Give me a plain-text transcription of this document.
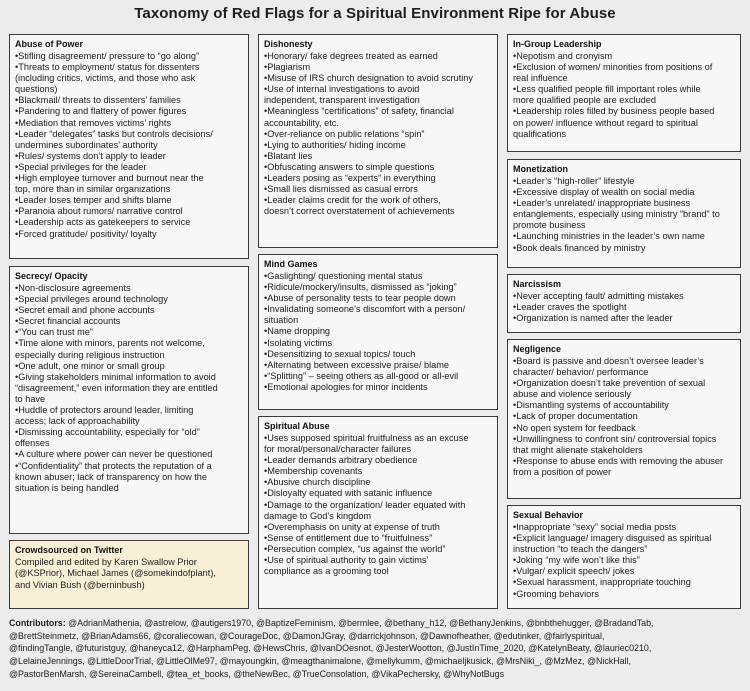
Taxonomy of Red Flags for a Spiritual Environment Ripe for Abuse
Abuse of Power
•Stifling disagreement/ pressure to “go along”
•Threats to employment/ status for dissenters
(including critics, victims, and those who ask
questions)
•Blackmail/ threats to dissenters’ families
•Pandering to and flattery of power figures
•Mediation that removes victims’ rights
•Leader “delegates” tasks but controls decisions/
undermines subordinates’ authority
•Rules/ systems don’t apply to leader
•Special privileges for the leader
•High employee turnover and burnout near the
top, more than in similar organizations
•Leader loses temper and shifts blame
•Paranoia about rumors/ narrative control
•Leadership acts as gatekeepers to service
•Forced gratitude/ positivity/ loyalty
Secrecy/ Opacity
•Non-disclosure agreements
•Special privileges around technology
•Secret email and phone accounts
•Secret financial accounts
•“You can trust me”
•Time alone with minors, parents not welcome,
especially during religious instruction
•One adult, one minor or small group
•Giving stakeholders minimal information to avoid
“disagreement,” even information they are entitled
to have
•Huddle of protectors around leader, limiting
access; lack of approachability
•Dismissing accountability, especially for “old”
offenses
•A culture where power can never be questioned
•“Confidentiality” that protects the reputation of a
known abuser; lack of transparency on how the
situation is being handled
Crowdsourced on Twitter

Compiled and edited by Karen Swallow Prior
(@KSPrior), Michael James (@somekindofplant),
and Vivian Bush (@berninbush)

Dishonesty
•Honorary/ fake degrees treated as earned
•Plagiarism
•Misuse of IRS church designation to avoid scrutiny
•Use of internal investigations to avoid
independent, transparent investigation
•Meaningless “certifications” of safety, financial
accountability, etc.
•Over-reliance on public relations “spin”
•Lying to authorities/ hiding income
•Blatant lies
•Obfuscating answers to simple questions
•Leaders posing as “experts” in everything
•Small lies dismissed as casual errors
•Leader claims credit for the work of others,
doesn’t correct overstatement of achievements
Mind Games
•Gaslighting/ questioning mental status
•Ridicule/mockery/insults, dismissed as “joking”
•Abuse of personality tests to tear people down
•Invalidating someone’s discomfort with a person/
situation
•Name dropping
•Isolating victims
•Desensitizing to sexual topics/ touch
•Alternating between excessive praise/ blame
•“Splitting” – seeing others as all-good or all-evil
•Emotional apologies for minor incidents
Spiritual Abuse
•Uses supposed spiritual fruitfulness as an excuse
for moral/personal/character failures
•Leader demands arbitrary obedience
•Membership covenants
•Abusive church discipline
•Disloyalty equated with satanic influence
•Damage to the organization/ leader equated with
damage to God’s kingdom
•Overemphasis on unity at expense of truth
•Sense of entitlement due to “fruitfulness”
•Persecution complex, “us against the world”
•Use of spiritual authority to gain victims’
compliance as a grooming tool
In-Group Leadership
•Nepotism and cronyism
•Exclusion of women/ minorities from positions of
real influence
•Less qualified people fill important roles while
more qualified people are excluded
•Leadership roles filled by business people based
on power/ influence without regard to spiritual
qualifications
Monetization
•Leader’s “high-roller” lifestyle
•Excessive display of wealth on social media
•Leader’s unrelated/ inappropriate business
entanglements, especially using ministry “brand” to
promote business
•Launching ministries in the leader’s own name
•Book deals financed by ministry
Narcissism
•Never accepting fault/ admitting mistakes
•Leader craves the spotlight
•Organization is named after the leader
Negligence
•Board is passive and doesn’t oversee leader’s
character/ behavior/ performance
•Organization doesn’t take prevention of sexual
abuse and violence seriously
•Dismantling systems of accountability
•Lack of proper documentation
•No open system for feedback
•Unwillingness to confront sin/ controversial topics
that might alienate stakeholders
•Response to abuse ends with removing the abuser
from a position of power
Sexual Behavior
•Inappropriate “sexy” social media posts
•Explicit language/ imagery disguised as spiritual
instruction “to teach the dangers”
•Joking “my wife won’t like this”
•Vulgar/ explicit speech/ jokes
•Sexual harassment, inappropriate touching
•Grooming behaviors
Contributors: @AdrianMathenia, @astrelow, @autigers1970, @BaptizeFeminism, @bermlee, @bethany_h12, @BethanyJenkins, @bnbthehugger, @BradandTab,
@BrettSteinmetz, @BrianAdams66, @coraliecowan, @CourageDoc, @DamonJGray, @darrickjohnson, @Dawnofheather, @edutinker, @fairlyspiritual,
@findingTangle, @futuristguy, @haneyca12, @HarphamPeg, @HewsChris, @IvanDOesnot, @JesterWootton, @JustInTime_2020, @KatelynBeaty, @lauriec0210,
@LelaineJennings, @LittleDoorTrial, @LittleOlMe97, @mayoungkin, @meagthanimalone, @mellykumm, @michaeljkusick, @MrsNiki_, @MzMez, @NickHall,
@PastorBenMarsh, @SereinaCambell, @tea_et_books, @theNewBec, @TrueConsolation, @VikaPechersky, @WhyNotBugs
